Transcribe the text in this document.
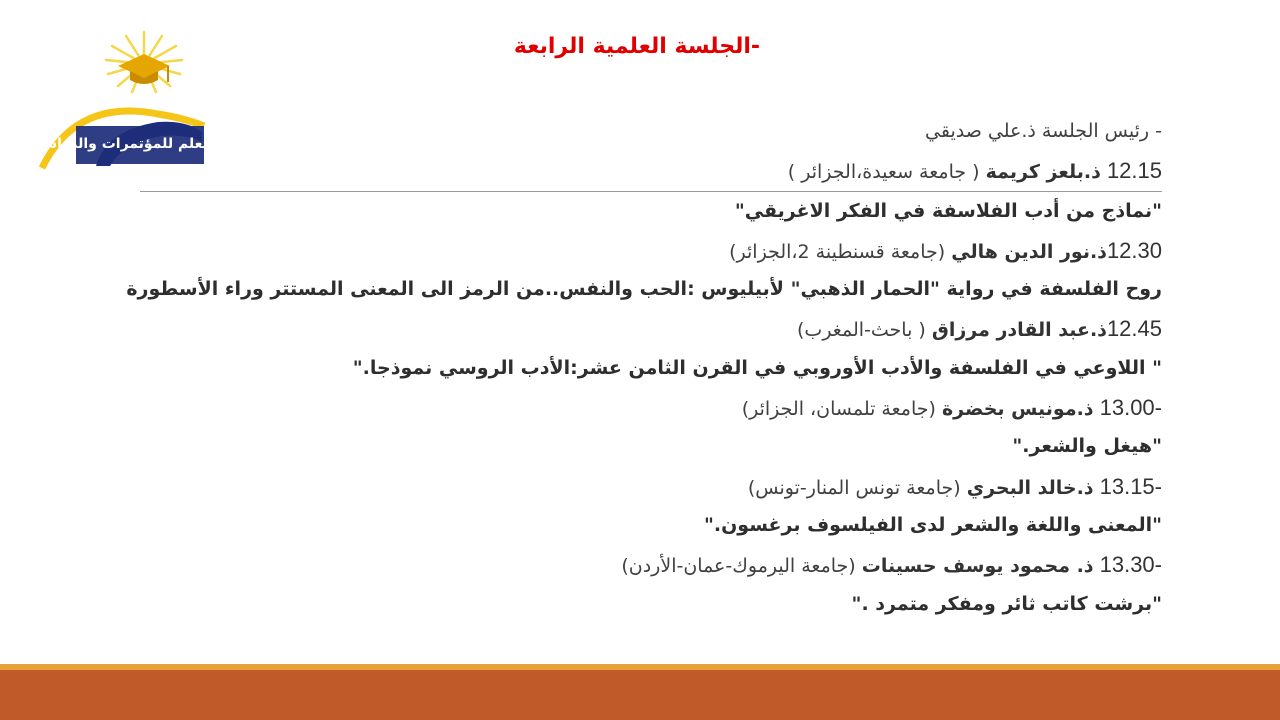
-الجلسة العلمية الرابعة
شعاع العلم للمؤتمرات والدراسات
- رئيس الجلسة ذ.علي صديقي
12.15 ذ.بلعز كريمة ( جامعة سعيدة،الجزائر )
"نماذج من أدب الفلاسفة في الفكر الاغريقي"
12.30ذ.نور الدين هالي (جامعة قسنطينة 2،الجزائر)
روح الفلسفة في رواية "الحمار الذهبي" لأبيليوس :الحب والنفس..من الرمز الى المعنى المستتر وراء الأسطورة
12.45ذ.عبد القادر مرزاق ( باحث-المغرب)
" اللاوعي في الفلسفة والأدب الأوروبي في القرن الثامن عشر:الأدب الروسي نموذجا."
-13.00 ذ.مونيس بخضرة (جامعة تلمسان، الجزائر)
"هيغل والشعر."
-13.15 ذ.خالد البحري (جامعة تونس المنار-تونس)
"المعنى واللغة والشعر لدى الفيلسوف برغسون."
-13.30 ذ. محمود يوسف حسينات (جامعة اليرموك-عمان-الأردن)
"برشت كاتب ثائر ومفكر متمرد ."
